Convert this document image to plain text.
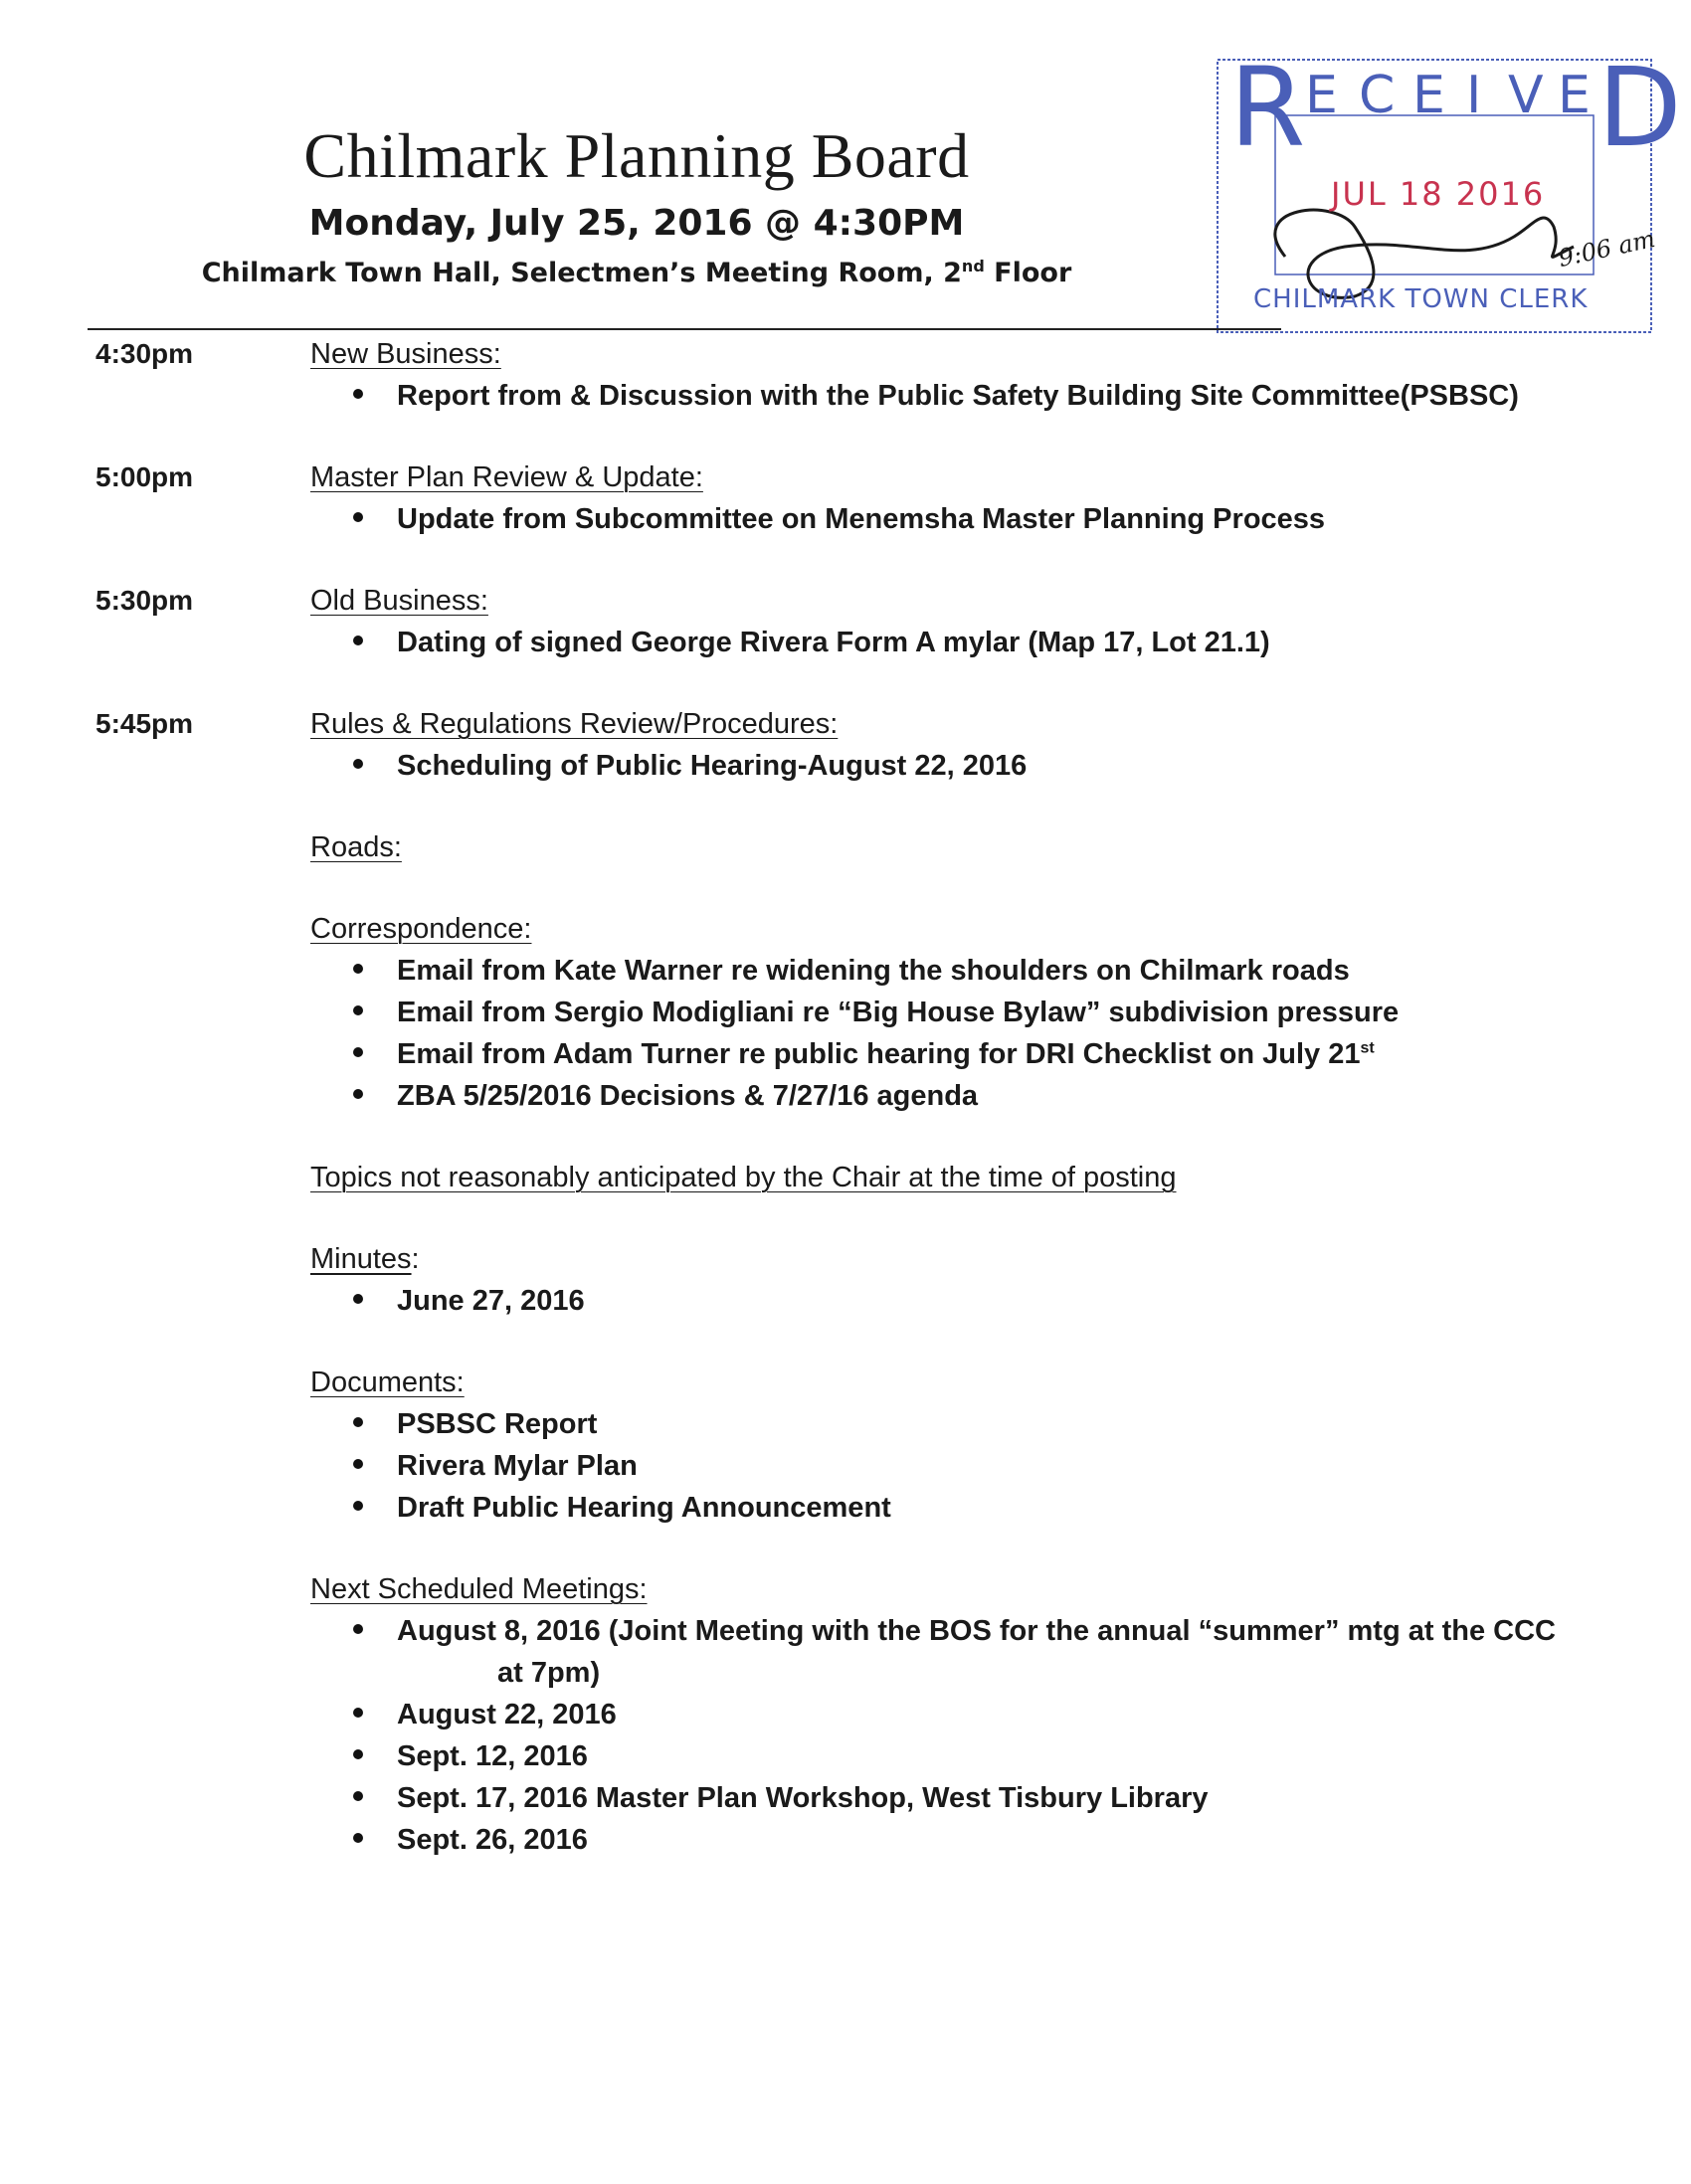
Chilmark Planning Board
Monday, July 25, 2016 @ 4:30PM
Chilmark Town Hall, Selectmen’s Meeting Room, 2nd Floor
R E C E I V E D
JUL 18 2016
9:06 am
CHILMARK TOWN CLERK
4:30pm	New Business:
Report from & Discussion with the Public Safety Building Site Committee(PSBSC)
5:00pm	Master Plan Review & Update:
Update from Subcommittee on Menemsha Master Planning Process
5:30pm	Old Business:
Dating of signed George Rivera Form A mylar (Map 17, Lot 21.1)
5:45pm	Rules & Regulations Review/Procedures:
Scheduling of Public Hearing-August 22, 2016
Roads:
Correspondence:
Email from Kate Warner re widening the shoulders on Chilmark roads
Email from Sergio Modigliani re “Big House Bylaw” subdivision pressure
Email from Adam Turner re public hearing for DRI Checklist on July 21st
ZBA 5/25/2016 Decisions & 7/27/16 agenda
Topics not reasonably anticipated by the Chair at the time of posting
Minutes:
June 27, 2016
Documents:
PSBSC Report
Rivera Mylar Plan
Draft Public Hearing Announcement
Next Scheduled Meetings:
August 8, 2016 (Joint Meeting with the BOS for the annual “summer” mtg at the CCC
at 7pm)
August 22, 2016
Sept. 12, 2016
Sept. 17, 2016 Master Plan Workshop, West Tisbury Library
Sept. 26, 2016
